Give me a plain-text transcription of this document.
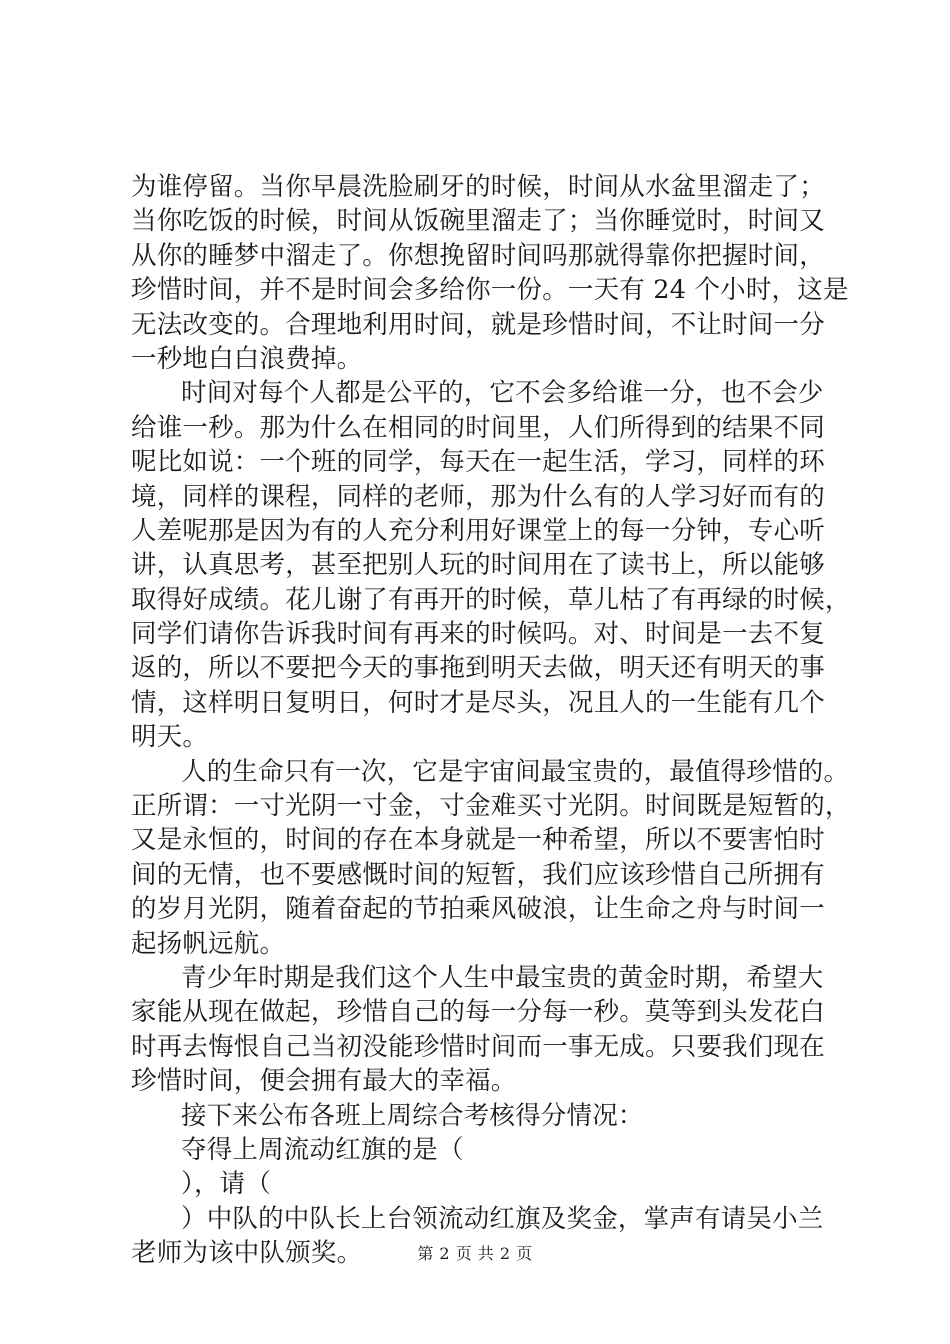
为谁停留。当你早晨洗脸刷牙的时候，时间从水盆里溜走了；
当你吃饭的时候，时间从饭碗里溜走了；当你睡觉时，时间又
从你的睡梦中溜走了。你想挽留时间吗那就得靠你把握时间，
珍惜时间，并不是时间会多给你一份。一天有 24 个小时，这是
无法改变的。合理地利用时间，就是珍惜时间，不让时间一分
一秒地白白浪费掉。
时间对每个人都是公平的，它不会多给谁一分，也不会少
给谁一秒。那为什么在相同的时间里，人们所得到的结果不同
呢比如说：一个班的同学，每天在一起生活，学习，同样的环
境，同样的课程，同样的老师，那为什么有的人学习好而有的
人差呢那是因为有的人充分利用好课堂上的每一分钟，专心听
讲，认真思考，甚至把别人玩的时间用在了读书上，所以能够
取得好成绩。花儿谢了有再开的时候，草儿枯了有再绿的时候，
同学们请你告诉我时间有再来的时候吗。对、时间是一去不复
返的，所以不要把今天的事拖到明天去做，明天还有明天的事
情，这样明日复明日，何时才是尽头，况且人的一生能有几个
明天。
人的生命只有一次，它是宇宙间最宝贵的，最值得珍惜的。
正所谓：一寸光阴一寸金，寸金难买寸光阴。时间既是短暂的，
又是永恒的，时间的存在本身就是一种希望，所以不要害怕时
间的无情，也不要感慨时间的短暂，我们应该珍惜自己所拥有
的岁月光阴，随着奋起的节拍乘风破浪，让生命之舟与时间一
起扬帆远航。
青少年时期是我们这个人生中最宝贵的黄金时期，希望大
家能从现在做起，珍惜自己的每一分每一秒。莫等到头发花白
时再去悔恨自己当初没能珍惜时间而一事无成。只要我们现在
珍惜时间，便会拥有最大的幸福。
接下来公布各班上周综合考核得分情况：
夺得上周流动红旗的是（
），请（
）中队的中队长上台领流动红旗及奖金，掌声有请吴小兰
老师为该中队颁奖。	第 2 页 共 2 页
